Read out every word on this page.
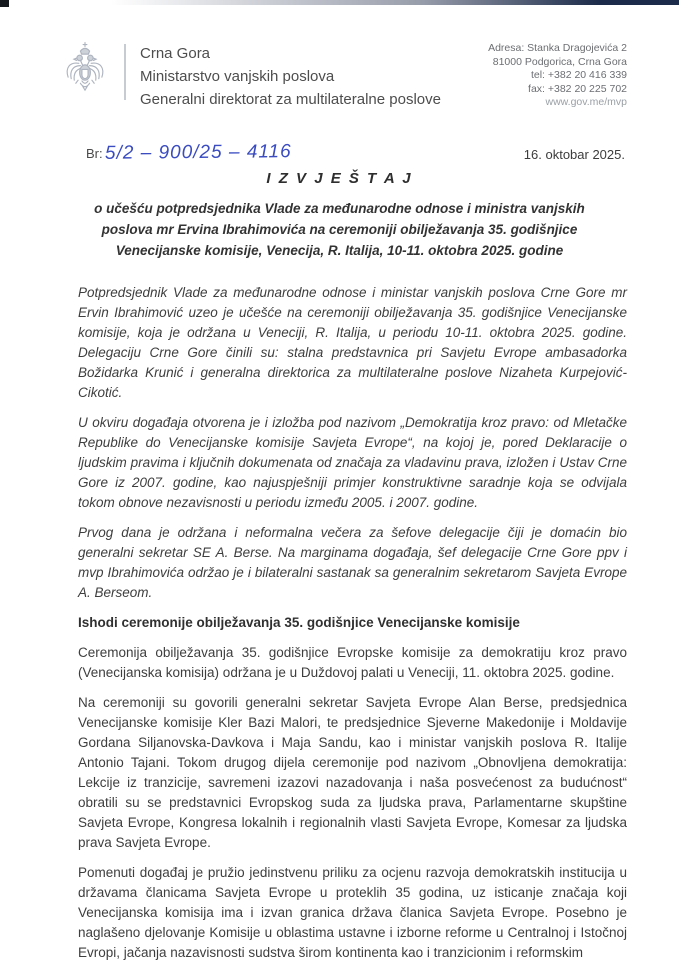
Crna Gora
Ministarstvo vanjskih poslova
Generalni direktorat za multilateralne poslove
Adresa: Stanka Dragojevića 2
81000 Podgorica, Crna Gora
tel: +382 20 416 339
fax: +382 20 225 702
www.gov.me/mvp
$^{Br:}$ 5/2 – 900/25 – 4116	16. oktobar 2025.
I Z V J E Š T A J
o učešću potpredsjednika Vlade za međunarodne odnose i ministra vanjskih poslova mr Ervina Ibrahimovića na ceremoniji obilježavanja 35. godišnjice Venecijanske komisije, Venecija, R. Italija, 10-11. oktobra 2025. godine

Potpredsjednik Vlade za međunarodne odnose i ministar vanjskih poslova Crne Gore mr Ervin Ibrahimović uzeo je učešće na ceremoniji obilježavanja 35. godišnjice Venecijanske komisije, koja je održana u Veneciji, R. Italija, u periodu 10-11. oktobra 2025. godine. Delegaciju Crne Gore činili su: stalna predstavnica pri Savjetu Evrope ambasadorka Božidarka Krunić i generalna direktorica za multilateralne poslove Nizaheta Kurpejović-Cikotić.

U okviru događaja otvorena je i izložba pod nazivom „Demokratija kroz pravo: od Mletačke Republike do Venecijanske komisije Savjeta Evrope“, na kojoj je, pored Deklaracije o ljudskim pravima i ključnih dokumenata od značaja za vladavinu prava, izložen i Ustav Crne Gore iz 2007. godine, kao najuspješniji primjer konstruktivne saradnje koja se odvijala tokom obnove nezavisnosti u periodu između 2005. i 2007. godine.

Prvog dana je održana i neformalna večera za šefove delegacije čiji je domaćin bio generalni sekretar SE A. Berse. Na marginama događaja, šef delegacije Crne Gore ppv i mvp Ibrahimovića održao je i bilateralni sastanak sa generalnim sekretarom Savjeta Evrope A. Berseom.

Ishodi ceremonije obilježavanja 35. godišnjice Venecijanske komisije

Ceremonija obilježavanja 35. godišnjice Evropske komisije za demokratiju kroz pravo (Venecijanska komisija) održana je u Duždovoj palati u Veneciji, 11. oktobra 2025. godine.

Na ceremoniji su govorili generalni sekretar Savjeta Evrope Alan Berse, predsjednica Venecijanske komisije Kler Bazi Malori, te predsjednice Sjeverne Makedonije i Moldavije Gordana Siljanovska-Davkova i Maja Sandu, kao i ministar vanjskih poslova R. Italije Antonio Tajani. Tokom drugog dijela ceremonije pod nazivom „Obnovljena demokratija: Lekcije iz tranzicije, savremeni izazovi nazadovanja i naša posvećenost za budućnost“ obratili su se predstavnici Evropskog suda za ljudska prava, Parlamentarne skupštine Savjeta Evrope, Kongresa lokalnih i regionalnih vlasti Savjeta Evrope, Komesar za ljudska prava Savjeta Evrope.

Pomenuti događaj je pružio jedinstvenu priliku za ocjenu razvoja demokratskih institucija u državama članicama Savjeta Evrope u proteklih 35 godina, uz isticanje značaja koji Venecijanska komisija ima i izvan granica država članica Savjeta Evrope. Posebno je naglašeno djelovanje Komisije u oblastima ustavne i izborne reforme u Centralnoj i Istočnoj Evropi, jačanja nazavisnosti sudstva širom kontinenta kao i tranzicionim i reformskim
